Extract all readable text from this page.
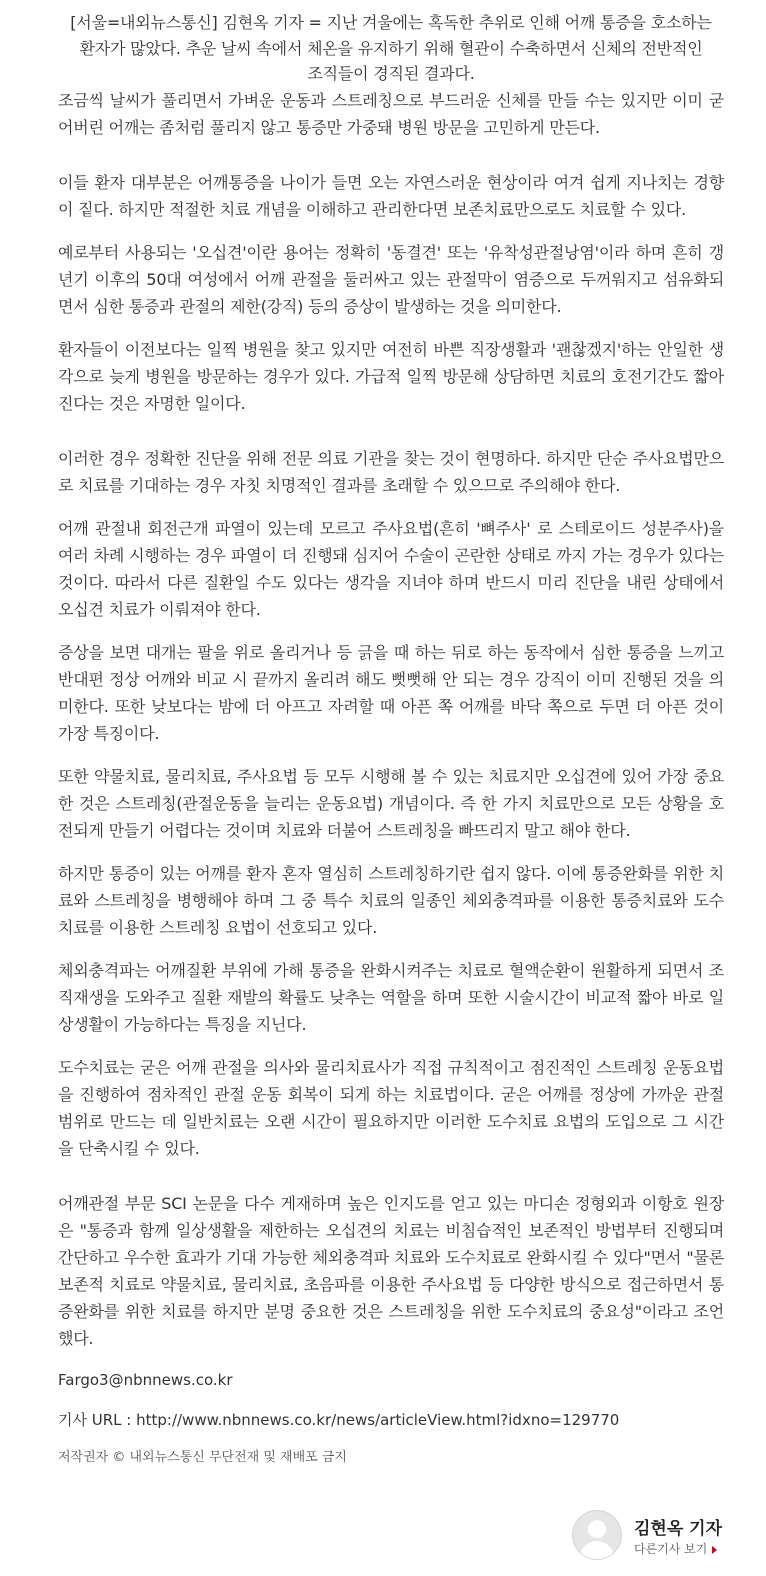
[서울=내외뉴스통신] 김현옥 기자 = 지난 겨울에는 혹독한 추위로 인해 어깨 통증을 호소하는 환자가 많았다. 추운 날씨 속에서 체온을 유지하기 위해 혈관이 수축하면서 신체의 전반적인 조직들이 경직된 결과다.

조금씩 날씨가 풀리면서 가벼운 운동과 스트레칭으로 부드러운 신체를 만들 수는 있지만 이미 굳어버린 어깨는 좀처럼 풀리지 않고 통증만 가중돼 병원 방문을 고민하게 만든다.

이들 환자 대부분은 어깨통증을 나이가 들면 오는 자연스러운 현상이라 여겨 쉽게 지나치는 경향이 짙다. 하지만 적절한 치료 개념을 이해하고 관리한다면 보존치료만으로도 치료할 수 있다.

예로부터 사용되는 '오십견'이란 용어는 정확히 '동결견' 또는 '유착성관절낭염'이라 하며 흔히 갱년기 이후의 50대 여성에서 어깨 관절을 둘러싸고 있는 관절막이 염증으로 두꺼워지고 섬유화되면서 심한 통증과 관절의 제한(강직) 등의 증상이 발생하는 것을 의미한다.

환자들이 이전보다는 일찍 병원을 찾고 있지만 여전히 바쁜 직장생활과 '괜찮겠지'하는 안일한 생각으로 늦게 병원을 방문하는 경우가 있다. 가급적 일찍 방문해 상담하면 치료의 호전기간도 짧아진다는 것은 자명한 일이다.

이러한 경우 정확한 진단을 위해 전문 의료 기관을 찾는 것이 현명하다. 하지만 단순 주사요법만으로 치료를 기대하는 경우 자칫 치명적인 결과를 초래할 수 있으므로 주의해야 한다.

어깨 관절내 회전근개 파열이 있는데 모르고 주사요법(흔히 '뼈주사' 로 스테로이드 성분주사)을 여러 차례 시행하는 경우 파열이 더 진행돼 심지어 수술이 곤란한 상태로 까지 가는 경우가 있다는 것이다. 따라서 다른 질환일 수도 있다는 생각을 지녀야 하며 반드시 미리 진단을 내린 상태에서 오십견 치료가 이뤄져야 한다.

증상을 보면 대개는 팔을 위로 올리거나 등 긁을 때 하는 뒤로 하는 동작에서 심한 통증을 느끼고 반대편 정상 어깨와 비교 시 끝까지 올리려 해도 뻣뻣해 안 되는 경우 강직이 이미 진행된 것을 의미한다. 또한 낮보다는 밤에 더 아프고 자려할 때 아픈 쪽 어깨를 바닥 쪽으로 두면 더 아픈 것이 가장 특징이다.

또한 약물치료, 물리치료, 주사요법 등 모두 시행해 볼 수 있는 치료지만 오십견에 있어 가장 중요한 것은 스트레칭(관절운동을 늘리는 운동요법) 개념이다. 즉 한 가지 치료만으로 모든 상황을 호전되게 만들기 어렵다는 것이며 치료와 더불어 스트레칭을 빠뜨리지 말고 해야 한다.

하지만 통증이 있는 어깨를 환자 혼자 열심히 스트레칭하기란 쉽지 않다. 이에 통증완화를 위한 치료와 스트레칭을 병행해야 하며 그 중 특수 치료의 일종인 체외충격파를 이용한 통증치료와 도수치료를 이용한 스트레칭 요법이 선호되고 있다.

체외충격파는 어깨질환 부위에 가해 통증을 완화시켜주는 치료로 혈액순환이 원활하게 되면서 조직재생을 도와주고 질환 재발의 확률도 낮추는 역할을 하며 또한 시술시간이 비교적 짧아 바로 일상생활이 가능하다는 특징을 지닌다.

도수치료는 굳은 어깨 관절을 의사와 물리치료사가 직접 규칙적이고 점진적인 스트레칭 운동요법을 진행하여 점차적인 관절 운동 회복이 되게 하는 치료법이다. 굳은 어깨를 정상에 가까운 관절 범위로 만드는 데 일반치료는 오랜 시간이 필요하지만 이러한 도수치료 요법의 도입으로 그 시간을 단축시킬 수 있다.

어깨관절 부문 SCI 논문을 다수 게재하며 높은 인지도를 얻고 있는 마디손 정형외과 이항호 원장은 "통증과 함께 일상생활을 제한하는 오십견의 치료는 비침습적인 보존적인 방법부터 진행되며 간단하고 우수한 효과가 기대 가능한 체외충격파 치료와 도수치료로 완화시킬 수 있다"면서 "물론 보존적 치료로 약물치료, 물리치료, 초음파를 이용한 주사요법 등 다양한 방식으로 접근하면서 통증완화를 위한 치료를 하지만 분명 중요한 것은 스트레칭을 위한 도수치료의 중요성"이라고 조언했다.

Fargo3@nbnnews.co.kr

기사 URL : http://www.nbnnews.co.kr/news/articleView.html?idxno=129770

저작권자 © 내외뉴스통신 무단전재 및 재배포 금지

김현옥 기자
다른기사 보기
